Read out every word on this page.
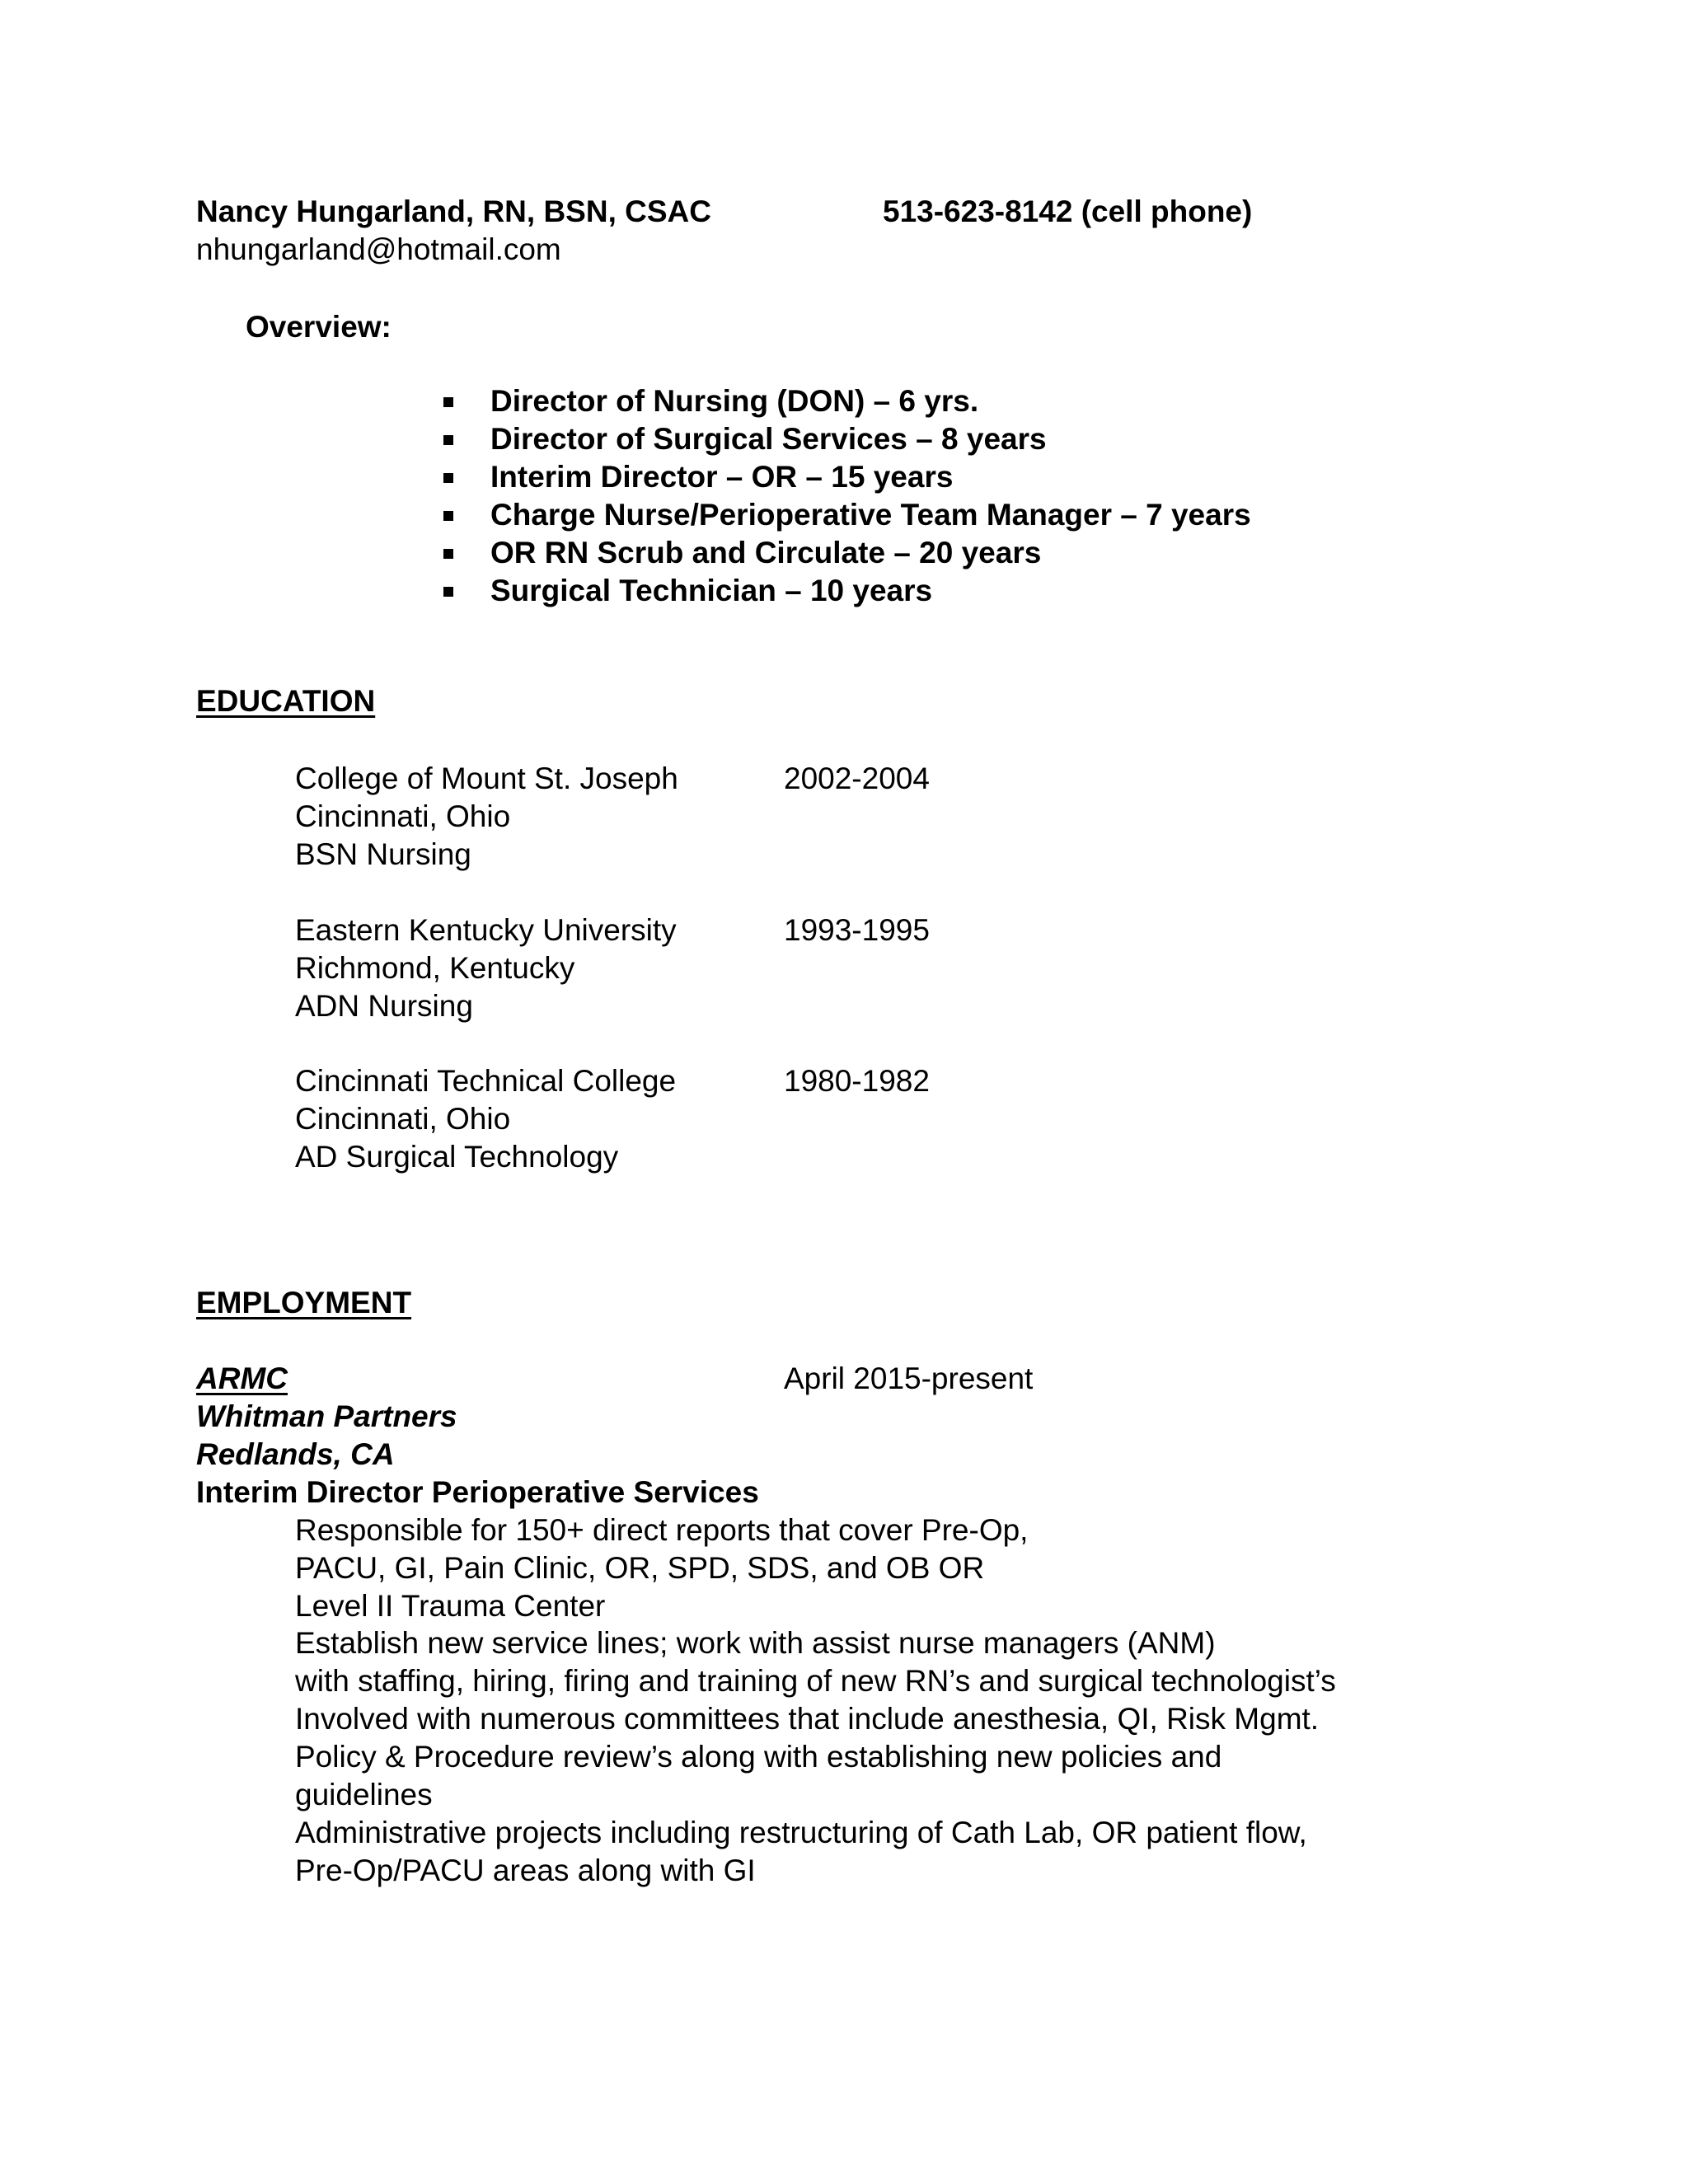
Nancy Hungarland, RN, BSN, CSAC	513-623-8142 (cell phone)
nhungarland@hotmail.com
Overview:
Director of Nursing (DON) – 6 yrs.
Director of Surgical Services – 8 years
Interim Director – OR – 15 years
Charge Nurse/Perioperative Team Manager – 7 years
OR RN Scrub and Circulate – 20 years
Surgical Technician – 10 years
EDUCATION
College of Mount St. Joseph	2002-2004
Cincinnati, Ohio
BSN Nursing
Eastern Kentucky University	1993-1995
Richmond, Kentucky
ADN Nursing
Cincinnati Technical College	1980-1982
Cincinnati, Ohio
AD Surgical Technology
EMPLOYMENT
ARMC	April 2015-present
Whitman Partners
Redlands, CA
Interim Director Perioperative Services
Responsible for 150+ direct reports that cover Pre-Op,
PACU, GI, Pain Clinic, OR, SPD, SDS, and OB OR
Level II Trauma Center
Establish new service lines; work with assist nurse managers (ANM)
with staffing, hiring, firing and training of new RN’s and surgical technologist’s
Involved with numerous committees that include anesthesia, QI, Risk Mgmt.
Policy & Procedure review’s along with establishing new policies and
guidelines
Administrative projects including restructuring of Cath Lab, OR patient flow,
Pre-Op/PACU areas along with GI
